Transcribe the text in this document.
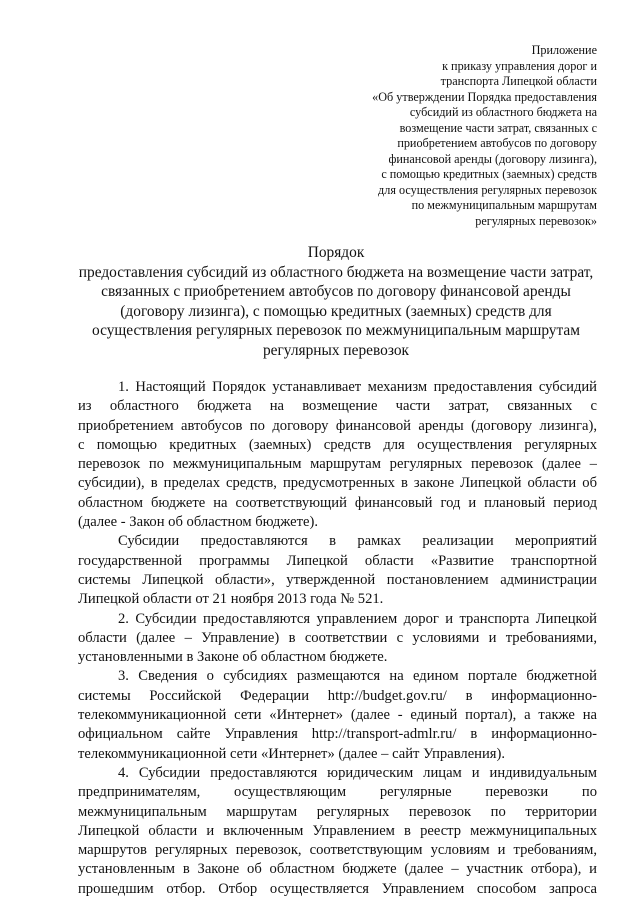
Приложение
к приказу управления дорог и
транспорта Липецкой области
«Об утверждении Порядка предоставления
субсидий из областного бюджета на
возмещение части затрат, связанных с
приобретением автобусов по договору
финансовой аренды (договору лизинга),
с помощью кредитных (заемных) средств
для осуществления регулярных перевозок
по межмуниципальным маршрутам
регулярных перевозок»
Порядок
предоставления субсидий из областного бюджета на возмещение части затрат,
связанных с приобретением автобусов по договору финансовой аренды
(договору лизинга), с помощью кредитных (заемных) средств для
осуществления регулярных перевозок по межмуниципальным маршрутам
регулярных перевозок
1. Настоящий Порядок устанавливает механизм предоставления субсидий
из областного бюджета на возмещение части затрат, связанных с
приобретением автобусов по договору финансовой аренды (договору лизинга),
с помощью кредитных (заемных) средств для осуществления регулярных
перевозок по межмуниципальным маршрутам регулярных перевозок (далее –
субсидии), в пределах средств, предусмотренных в законе Липецкой области об
областном бюджете на соответствующий финансовый год и плановый период
(далее - Закон об областном бюджете).
Субсидии предоставляются в рамках реализации мероприятий
государственной программы Липецкой области «Развитие транспортной
системы Липецкой области», утвержденной постановлением администрации
Липецкой области от 21 ноября 2013 года № 521.
2. Субсидии предоставляются управлением дорог и транспорта Липецкой
области (далее – Управление) в соответствии с условиями и требованиями,
установленными в Законе об областном бюджете.
3. Сведения о субсидиях размещаются на едином портале бюджетной
системы Российской Федерации http://budget.gov.ru/ в информационно-
телекоммуникационной сети «Интернет» (далее - единый портал), а также на
официальном сайте Управления http://transport-admlr.ru/ в информационно-
телекоммуникационной сети «Интернет» (далее – сайт Управления).
4. Субсидии предоставляются юридическим лицам и индивидуальным
предпринимателям, осуществляющим регулярные перевозки по
межмуниципальным маршрутам регулярных перевозок по территории
Липецкой области и включенным Управлением в реестр межмуниципальных
маршрутов регулярных перевозок, соответствующим условиям и требованиям,
установленным в Законе об областном бюджете (далее – участник отбора), и
прошедшим отбор. Отбор осуществляется Управлением способом запроса
